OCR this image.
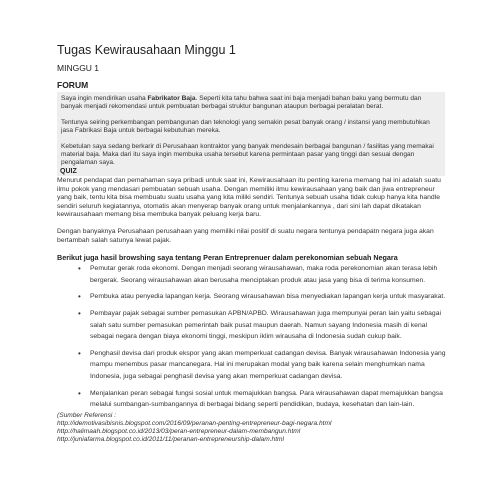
Tugas Kewirausahaan Minggu 1
MINGGU 1
FORUM

Saya ingin mendirikan usaha Fabrikator Baja. Seperti kita tahu bahwa saat ini baja menjadi bahan baku yang bermutu dan banyak menjadi rekomendasi untuk pembuatan berbagai struktur bangunan ataupun berbagai peralatan berat.

Tentunya seiring perkembangan pembangunan dan teknologi yang semakin pesat banyak orang / instansi yang membutuhkan jasa Fabrikasi Baja untuk berbagai kebutuhan mereka.

Kebetulan saya sedang berkarir di Perusahaan kontraktor yang banyak mendesain berbagai bangunan / fasilitas yang memakai material baja. Maka dari itu saya ingin membuka usaha tersebut karena permintaan pasar yang tinggi dan sesuai dengan pengalaman saya.

QUIZ

Menurut pendapat dan pemahaman saya pribadi untuk saat ini, Kewirausahaan itu penting karena memang hal ini adalah suatu ilmu pokok yang mendasari pembuatan sebuah usaha. Dengan memiliki ilmu kewirausahaan yang baik dan jiwa entrepreneur yang baik, tentu kita bisa membuatu suatu usaha yang kita miliki sendiri. Tentunya sebuah usaha tidak cukup hanya kita handle sendiri seluruh kegiatannya, otomatis akan menyerap banyak orang untuk menjalankannya , dari sini lah dapat dikatakan kewirausahaan memang bisa membuka banyak peluang kerja baru.

Dengan banyaknya Perusahaan perusahaan yang memiliki nilai positif di suatu negara tentunya pendapatn negara juga akan bertambah salah satunya lewat pajak.

Berikut juga hasil browshing saya tentang Peran Entreprenuer dalam perekonomian sebuah Negara
• Pemutar gerak roda ekonomi. Dengan menjadi seorang wirausahawan, maka roda perekonomian akan terasa lebih bergerak. Seorang wirausahawan akan berusaha menciptakan produk atau jasa yang bisa di terima konsumen.
• Pembuka atau penyedia lapangan kerja. Seorang wirausahawan bisa menyediakan lapangan kerja untuk masyarakat.
• Pembayar pajak sebagai sumber pemasukan APBN/APBD. Wirausahawan juga mempunyai peran lain yaitu sebagai salah satu sumber pemasukan pemerintah baik pusat maupun daerah. Namun sayang Indonesia masih di kenal sebagai negara dengan biaya ekonomi tinggi, meskipun iklim wirausaha di Indonesia sudah cukup baik.
• Penghasil devisa dari produk ekspor yang akan memperkuat cadangan devisa. Banyak wirausahawan Indonesia yang mampu menembus pasar mancanegara. Hal ini merupakan modal yang baik karena selain menghumkan nama Indonesia, juga sebagai penghasil devisa yang akan memperkuat cadangan devisa.
• Menjalankan peran sebagai fungsi sosial untuk memajukkan bangsa. Para wirausahawan dapat memajukkan bangsa melalui sumbangan-sumbangannya di berbagai bidang seperti pendidikan, budaya, kesehatan dan lain-lain.
(Sumber Referensi :
http://idemotivasibisnis.blogspot.com/2016/09/peranan-penting-entrepreneur-bagi-negara.html
http://halimaah.blogspot.co.id/2013/03/peran-entrepreneur-dalam-membangun.html
http://juniafarma.blogspot.co.id/2011/11/peranan-entrepreneurship-dalam.html
